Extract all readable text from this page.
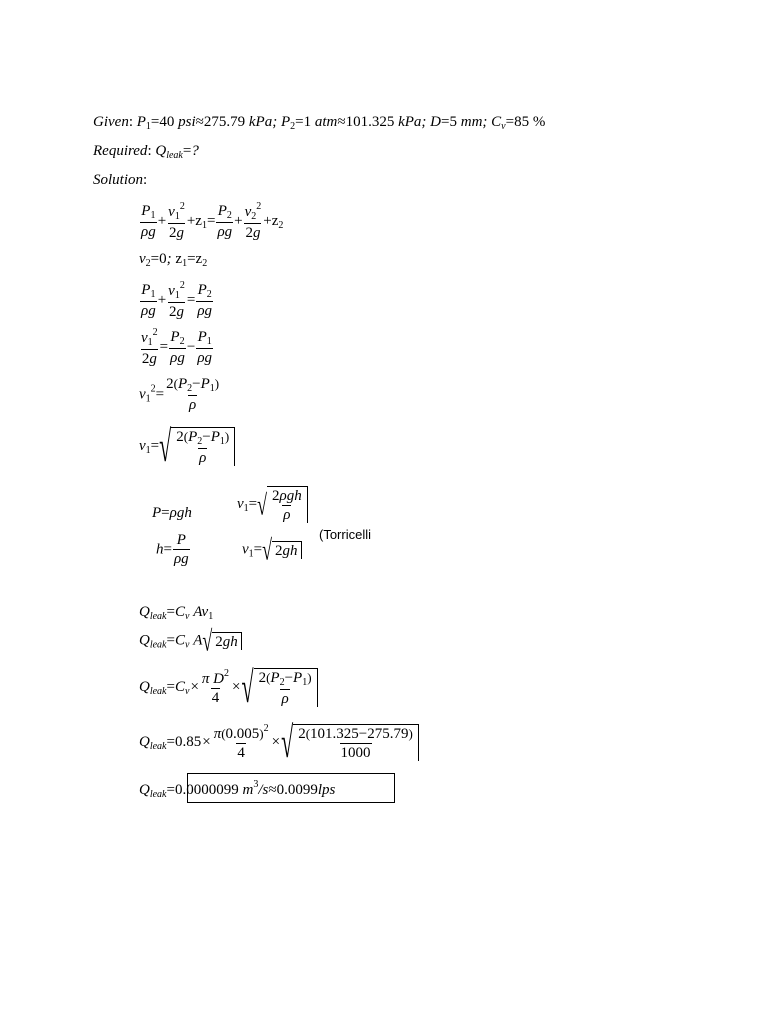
Given: $P_1=40$ psi≈275.79 kPa; $P_2=1$ atm≈101.325 kPa; D=5 mm; $C_v=85$ %
Required: $Q_{leak}=$?
Solution:
$\frac{P_1}{\rho g} + \frac{v_1^2}{2g} +z_1= \frac{P_2}{\rho g} + \frac{v_2^2}{2g} +z_2$
$v_2=0$; $z_1=z_2$
$\frac{P_1}{\rho g} + \frac{v_1^2}{2g} = \frac{P_2}{\rho g}$
$\frac{v_1^2}{2g} = \frac{P_2}{\rho g} - \frac{P_1}{\rho g}$
$v_1^2= \frac{2(P_2-P_1)}{\rho}$
$v_1=$ √ $\frac{2(P_2-P_1)}{\rho}$
P=ρgh
$v_1=$ √ $\frac{\text{2ρgh}}{\rho}$
(Torricelli
$h= \frac{P}{\rho g}$	$v_1=$ √ 2 gh
$Q_{leak}=C_v$ $Av_1$
$Q_{leak}=C_v$ A √ 2 gh
$Q_{leak}=C_v\times \frac{\pi D^2}{4}$ × √ $\frac{2(P_2-P_1)}{\rho}$
$Q_{leak}=0.85\times \frac{\pi(0.005)^2}{4}$ × √ $\frac{2(101.325-275.79)}{1000}$
$Q_{leak}=0.0000099$ $m^3/s\approx 0.0099lps$
